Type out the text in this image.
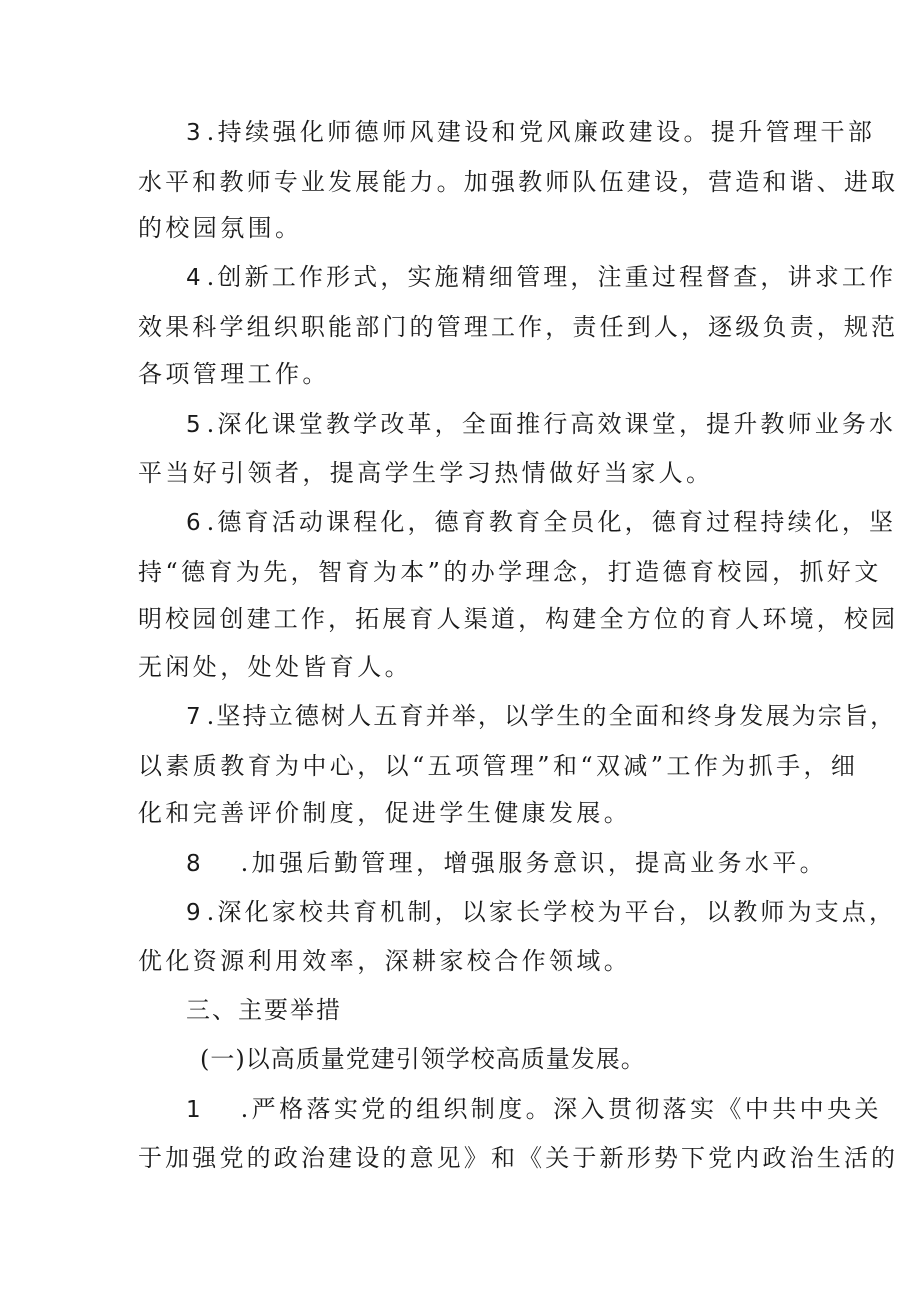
3 .持续强化师德师风建设和党风廉政建设。提升管理干部
水平和教师专业发展能力。加强教师队伍建设，营造和谐、进取
的校园氛围。
4 .创新工作形式，实施精细管理，注重过程督查，讲求工作
效果科学组织职能部门的管理工作，责任到人，逐级负责，规范
各项管理工作。
5 .深化课堂教学改革，全面推行高效课堂，提升教师业务水
平当好引领者，提高学生学习热情做好当家人。
6 .德育活动课程化，德育教育全员化，德育过程持续化，坚
持“德育为先，智育为本”的办学理念，打造德育校园，抓好文
明校园创建工作，拓展育人渠道，构建全方位的育人环境，校园
无闲处，处处皆育人。
7 .坚持立德树人五育并举，以学生的全面和终身发展为宗旨，
以素质教育为中心，以“五项管理”和“双减”工作为抓手，细
化和完善评价制度，促进学生健康发展。
8 .加强后勤管理，增强服务意识，提高业务水平。
9 .深化家校共育机制，以家长学校为平台，以教师为支点，
优化资源利用效率，深耕家校合作领域。
三、主要举措
(一)以高质量党建引领学校高质量发展。
1 .严格落实党的组织制度。深入贯彻落实《中共中央关
于加强党的政治建设的意见》和《关于新形势下党内政治生活的
